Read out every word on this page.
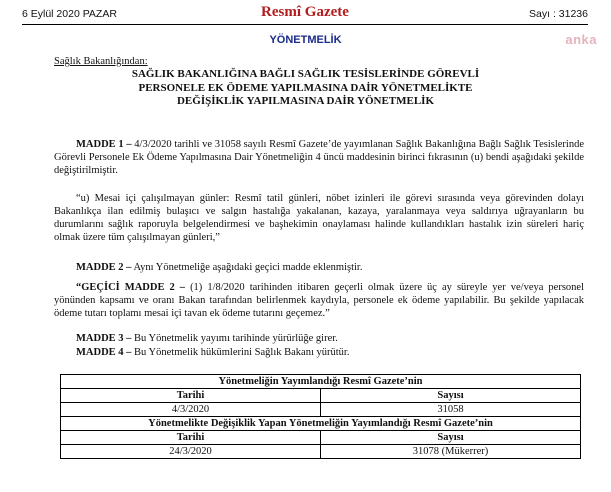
6 Eylül 2020 PAZAR	Resmî Gazete	Sayı : 31236
YÖNETMELİK	anka
Sağlık Bakanlığından:
SAĞLIK BAKANLIĞINA BAĞLI SAĞLIK TESİSLERİNDE GÖREVLİ
PERSONELE EK ÖDEME YAPILMASINA DAİR YÖNETMELİKTE
DEĞİŞİKLİK YAPILMASINA DAİR YÖNETMELİK
MADDE 1 – 4/3/2020 tarihli ve 31058 sayılı Resmî Gazete’de yayımlanan Sağlık Bakanlığına Bağlı Sağlık Tesislerinde Görevli Personele Ek Ödeme Yapılmasına Dair Yönetmeliğin 4 üncü maddesinin birinci fıkrasının (u) bendi aşağıdaki şekilde değiştirilmiştir.
“u) Mesai içi çalışılmayan günler: Resmî tatil günleri, nöbet izinleri ile görevi sırasında veya görevinden dolayı Bakanlıkça ilan edilmiş bulaşıcı ve salgın hastalığa yakalanan, kazaya, yaralanmaya veya saldırıya uğrayanların bu durumlarını sağlık raporuyla belgelendirmesi ve başhekimin onaylaması halinde kullandıkları hastalık izin süreleri hariç olmak üzere tüm çalışılmayan günleri,”
MADDE 2 – Aynı Yönetmeliğe aşağıdaki geçici madde eklenmiştir.
“GEÇİCİ MADDE 2 – (1) 1/8/2020 tarihinden itibaren geçerli olmak üzere üç ay süreyle yer ve/veya personel yönünden kapsamı ve oranı Bakan tarafından belirlenmek kaydıyla, personele ek ödeme yapılabilir. Bu şekilde yapılacak ödeme tutarı toplamı mesai içi tavan ek ödeme tutarını geçemez.”
MADDE 3 – Bu Yönetmelik yayımı tarihinde yürürlüğe girer.
MADDE 4 – Bu Yönetmelik hükümlerini Sağlık Bakanı yürütür.
Yönetmeliğin Yayımlandığı Resmî Gazete’nin	
Tarihi	Sayısı
4/3/2020	31058
Yönetmelikte Değişiklik Yapan Yönetmeliğin Yayımlandığı Resmî Gazete’nin	
Tarihi	Sayısı
24/3/2020	31078 (Mükerrer)
